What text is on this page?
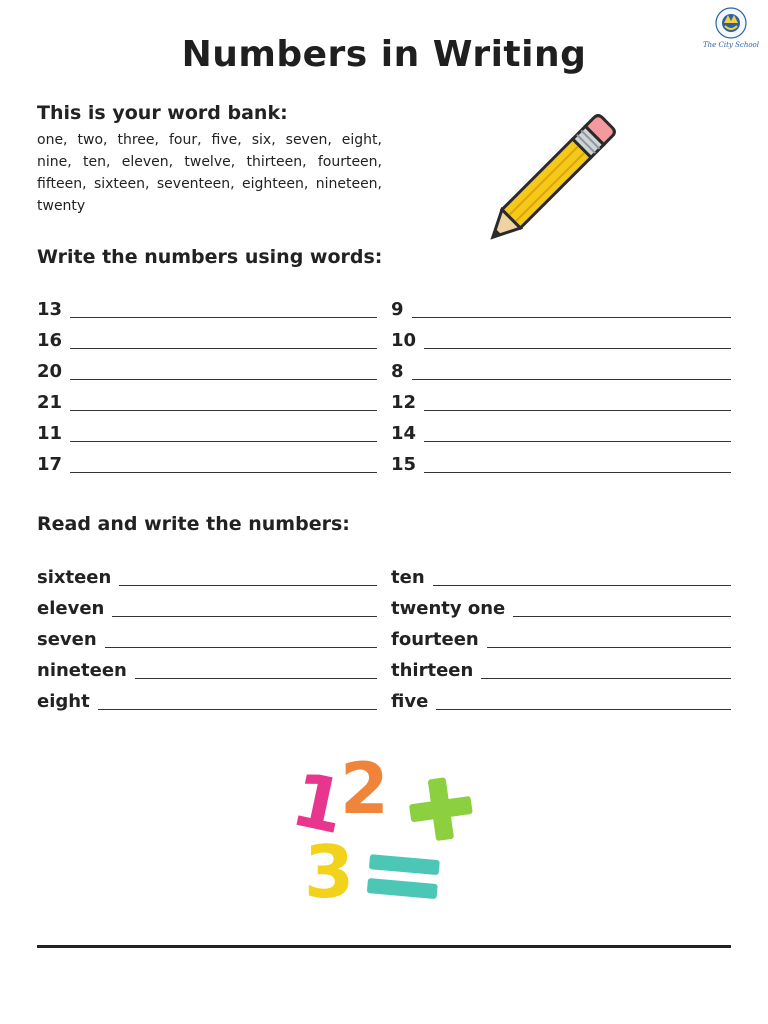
Numbers in Writing	The City School
This is your word bank:
one, two, three, four, five, six, seven, eight, nine, ten, eleven, twelve, thirteen, fourteen, fifteen, sixteen, seventeen, eighteen, nineteen, twenty
Write the numbers using words:
13
16
20
21
11
17
9
10
8
12
14
15
Read and write the numbers:
sixteen
eleven
seven
nineteen
eight
ten
twenty one
fourteen
thirteen
five
1
2
3
